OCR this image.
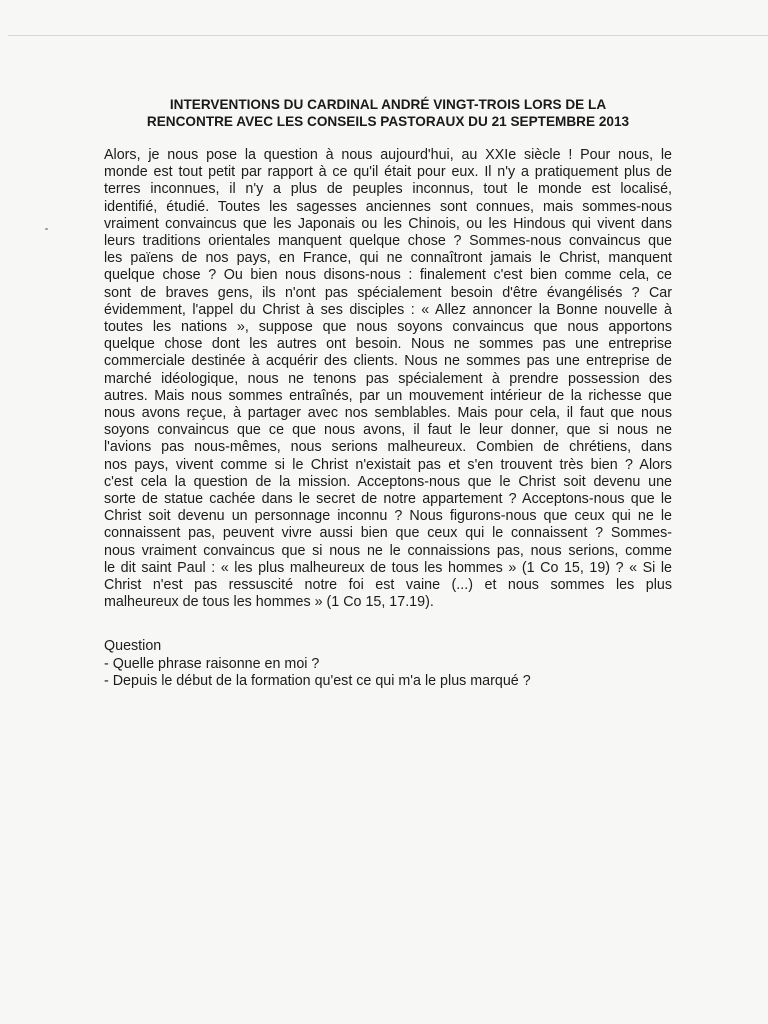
INTERVENTIONS DU CARDINAL ANDRÉ VINGT-TROIS LORS DE LA
RENCONTRE AVEC LES CONSEILS PASTORAUX DU 21 SEPTEMBRE 2013
Alors, je nous pose la question à nous aujourd'hui, au XXIe siècle ! Pour nous, le
monde est tout petit par rapport à ce qu'il était pour eux. Il n'y a pratiquement plus de
terres inconnues, il n'y a plus de peuples inconnus, tout le monde est localisé,
identifié, étudié. Toutes les sagesses anciennes sont connues, mais sommes-nous
vraiment convaincus que les Japonais ou les Chinois, ou les Hindous qui vivent dans
leurs traditions orientales manquent quelque chose ? Sommes-nous convaincus que
les païens de nos pays, en France, qui ne connaîtront jamais le Christ, manquent
quelque chose ? Ou bien nous disons-nous : finalement c'est bien comme cela, ce
sont de braves gens, ils n'ont pas spécialement besoin d'être évangélisés ? Car
évidemment, l'appel du Christ à ses disciples : « Allez annoncer la Bonne nouvelle à
toutes les nations », suppose que nous soyons convaincus que nous apportons
quelque chose dont les autres ont besoin. Nous ne sommes pas une entreprise
commerciale destinée à acquérir des clients. Nous ne sommes pas une entreprise de
marché idéologique, nous ne tenons pas spécialement à prendre possession des
autres. Mais nous sommes entraînés, par un mouvement intérieur de la richesse que
nous avons reçue, à partager avec nos semblables. Mais pour cela, il faut que nous
soyons convaincus que ce que nous avons, il faut le leur donner, que si nous ne
l'avions pas nous-mêmes, nous serions malheureux. Combien de chrétiens, dans
nos pays, vivent comme si le Christ n'existait pas et s'en trouvent très bien ? Alors
c'est cela la question de la mission. Acceptons-nous que le Christ soit devenu une
sorte de statue cachée dans le secret de notre appartement ? Acceptons-nous que le
Christ soit devenu un personnage inconnu ? Nous figurons-nous que ceux qui ne le
connaissent pas, peuvent vivre aussi bien que ceux qui le connaissent ? Sommes-
nous vraiment convaincus que si nous ne le connaissions pas, nous serions, comme
le dit saint Paul : « les plus malheureux de tous les hommes » (1 Co 15, 19) ? « Si le
Christ n'est pas ressuscité notre foi est vaine (...) et nous sommes les plus
malheureux de tous les hommes » (1 Co 15, 17.19).
Question
- Quelle phrase raisonne en moi ?
- Depuis le début de la formation qu'est ce qui m'a le plus marqué ?
